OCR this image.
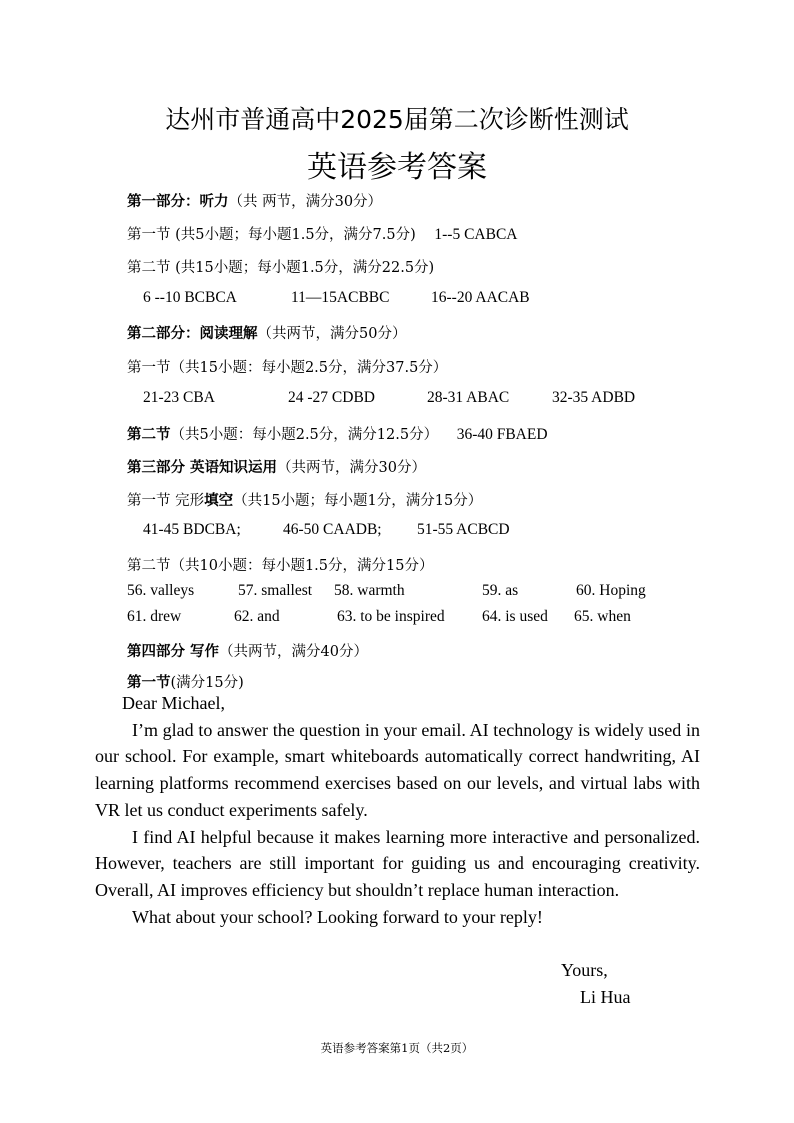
达州市普通高中2025届第二次诊断性测试
英语参考答案
第一部分：听力（共 两节，满分30分）
第一节 (共5小题；每小题1.5分，满分7.5分) 1--5 CABCA
第二节 (共15小题；每小题1.5分，满分22.5分)
6 --10 BCBCA	11—15ACBBC	16--20 AACAB
第二部分：阅读理解（共两节，满分50分）
第一节（共15小题：每小题2.5分，满分37.5分）
21-23 CBA	24 -27 CDBD	28-31 ABAC	32-35 ADBD
第二节（共5小题：每小题2.5分，满分12.5分） 36-40 FBAED
第三部分 英语知识运用（共两节，满分30分）
第一节 完形填空（共15小题；每小题1分，满分15分）
41-45 BDCBA;	46-50 CAADB; 51-55 ACBCD
第二节（共10小题：每小题1.5分，满分15分）
56. valleys	57. smallest 58. warmth	59. as	60. Hoping
61. drew	62. and	63. to be inspired 64. is used 65. when
第四部分 写作（共两节，满分40分）
第一节(满分15分)

Dear Michael,

I’m glad to answer the question in your email. AI technology is widely used in our school. For example, smart whiteboards automatically correct handwriting, AI learning platforms recommend exercises based on our levels, and virtual labs with VR let us conduct experiments safely.

I find AI helpful because it makes learning more interactive and personalized. However, teachers are still important for guiding us and encouraging creativity. Overall, AI improves efficiency but shouldn’t replace human interaction.

What about your school? Looking forward to your reply!

Yours,
Li Hua
英语参考答案第1页（共2页）
